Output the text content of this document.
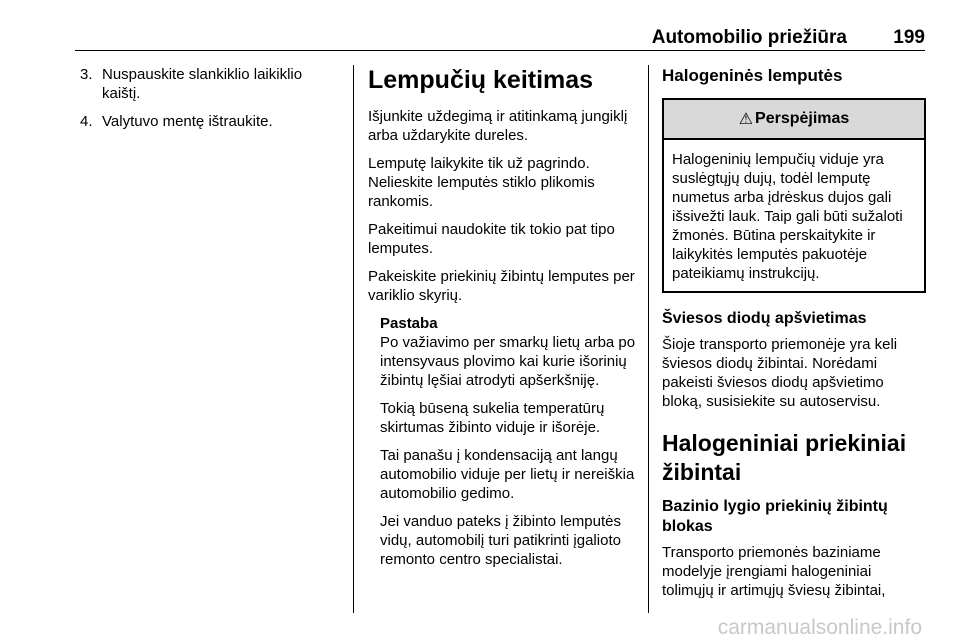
Automobilio priežiūra 199
3. Nuspauskite slankiklio laikiklio kaištį.
4. Valytuvo mentę ištraukite.
Lempučių keitimas

Išjunkite uždegimą ir atitinkamą jungiklį arba uždarykite dureles.

Lemputę laikykite tik už pagrindo. Nelieskite lemputės stiklo plikomis rankomis.

Pakeitimui naudokite tik tokio pat tipo lemputes.

Pakeiskite priekinių žibintų lemputes per variklio skyrių.

Pastaba

Po važiavimo per smarkų lietų arba po intensyvaus plovimo kai kurie išorinių žibintų lęšiai atrodyti apšerkšniję.

Tokią būseną sukelia temperatūrų skirtumas žibinto viduje ir išorėje.

Tai panašu į kondensaciją ant langų automobilio viduje per lietų ir nereiškia automobilio gedimo.

Jei vanduo pateks į žibinto lemputės vidų, automobilį turi patikrinti įgalioto remonto centro specialistai.

Halogeninės lemputės
⚠ Perspėjimas
Halogeninių lempučių viduje yra suslėgtųjų dujų, todėl lemputę numetus arba įdrėskus dujos gali išsivežti lauk. Taip gali būti sužaloti žmonės. Būtina perskaitykite ir laikykitės lemputės pakuotėje pateikiamų instrukcijų.
Šviesos diodų apšvietimas

Šioje transporto priemonėje yra keli šviesos diodų žibintai. Norėdami pakeisti šviesos diodų apšvietimo bloką, susisiekite su autoservisu.

Halogeniniai priekiniai žibintai
Bazinio lygio priekinių žibintų blokas

Transporto priemonės baziniame modelyje įrengiami halogeniniai tolimųjų ir artimųjų šviesų žibintai,

carmanualsonline.info
